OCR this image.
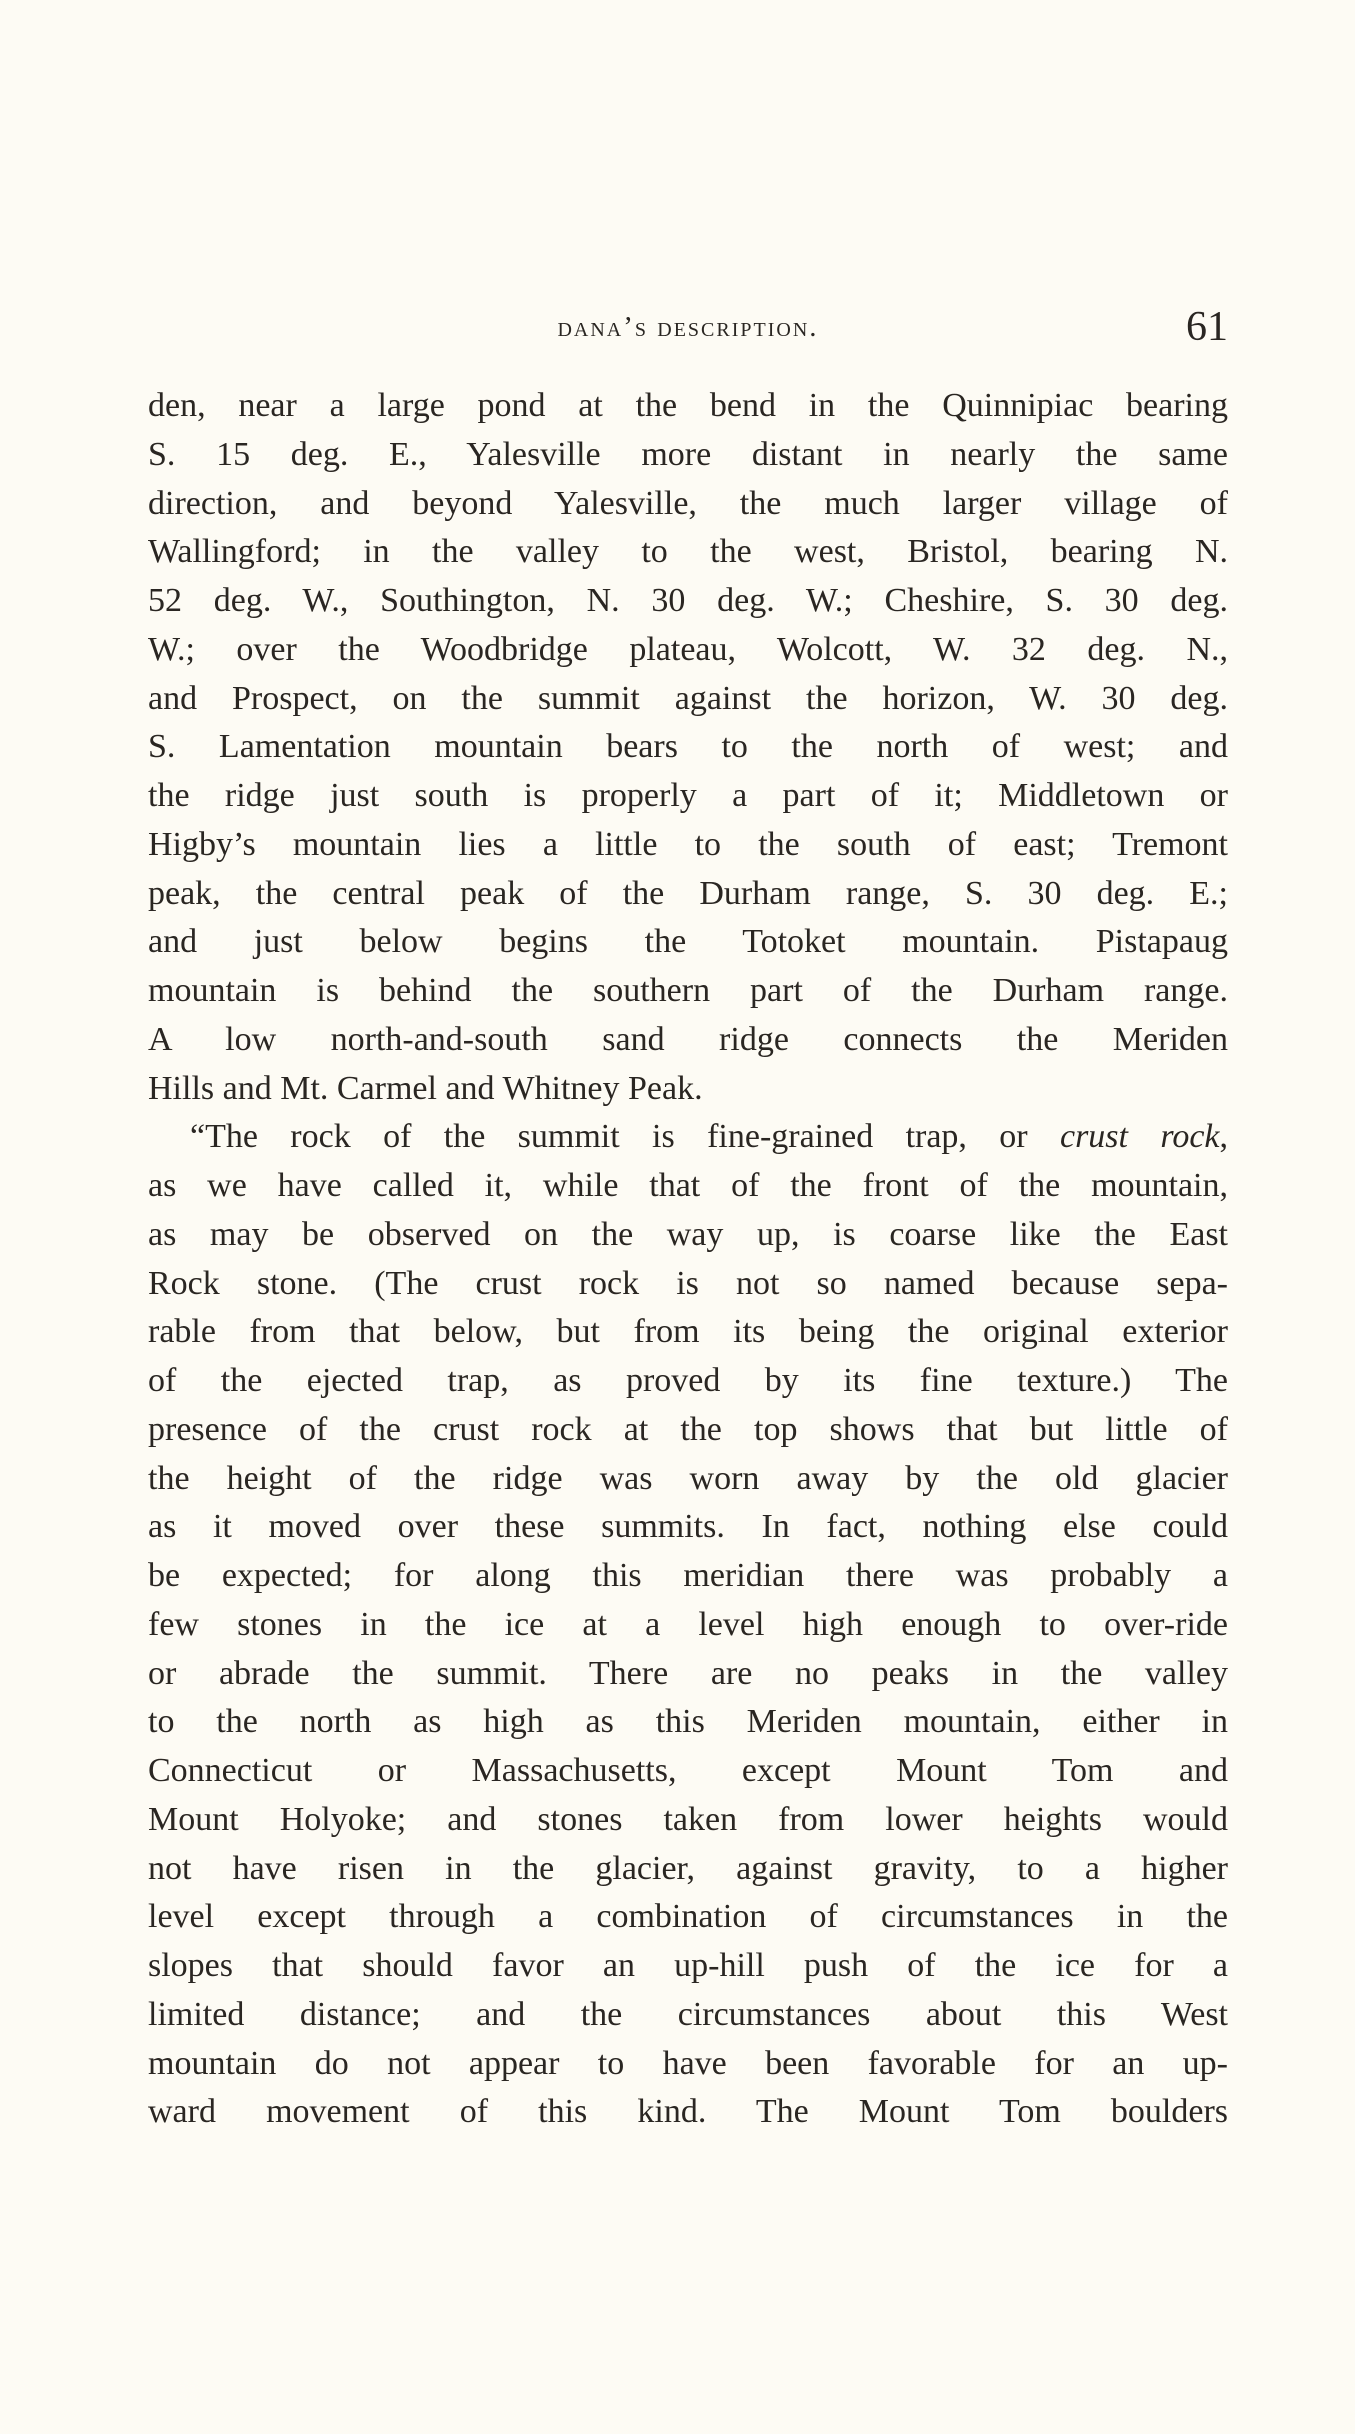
dana’s description.	61
den, near a large pond at the bend in the Quinnipiac bearing
S. 15 deg. E., Yalesville more distant in nearly the same
direction, and beyond Yalesville, the much larger village of
Wallingford; in the valley to the west, Bristol, bearing N.
52 deg. W., Southington, N. 30 deg. W.; Cheshire, S. 30 deg.
W.; over the Woodbridge plateau, Wolcott, W. 32 deg. N.,
and Prospect, on the summit against the horizon, W. 30 deg.
S. Lamentation mountain bears to the north of west; and
the ridge just south is properly a part of it; Middletown or
Higby’s mountain lies a little to the south of east; Tremont
peak, the central peak of the Durham range, S. 30 deg. E.;
and just below begins the Totoket mountain. Pistapaug
mountain is behind the southern part of the Durham range.
A low north-and-south sand ridge connects the Meriden
Hills and Mt. Carmel and Whitney Peak.
“The rock of the summit is fine-grained trap, or crust rock,
as we have called it, while that of the front of the mountain,
as may be observed on the way up, is coarse like the East
Rock stone. (The crust rock is not so named because sepa-
rable from that below, but from its being the original exterior
of the ejected trap, as proved by its fine texture.) The
presence of the crust rock at the top shows that but little of
the height of the ridge was worn away by the old glacier
as it moved over these summits. In fact, nothing else could
be expected; for along this meridian there was probably a
few stones in the ice at a level high enough to over-ride
or abrade the summit. There are no peaks in the valley
to the north as high as this Meriden mountain, either in
Connecticut or Massachusetts, except Mount Tom and
Mount Holyoke; and stones taken from lower heights would
not have risen in the glacier, against gravity, to a higher
level except through a combination of circumstances in the
slopes that should favor an up-hill push of the ice for a
limited distance; and the circumstances about this West
mountain do not appear to have been favorable for an up-
ward movement of this kind. The Mount Tom boulders
